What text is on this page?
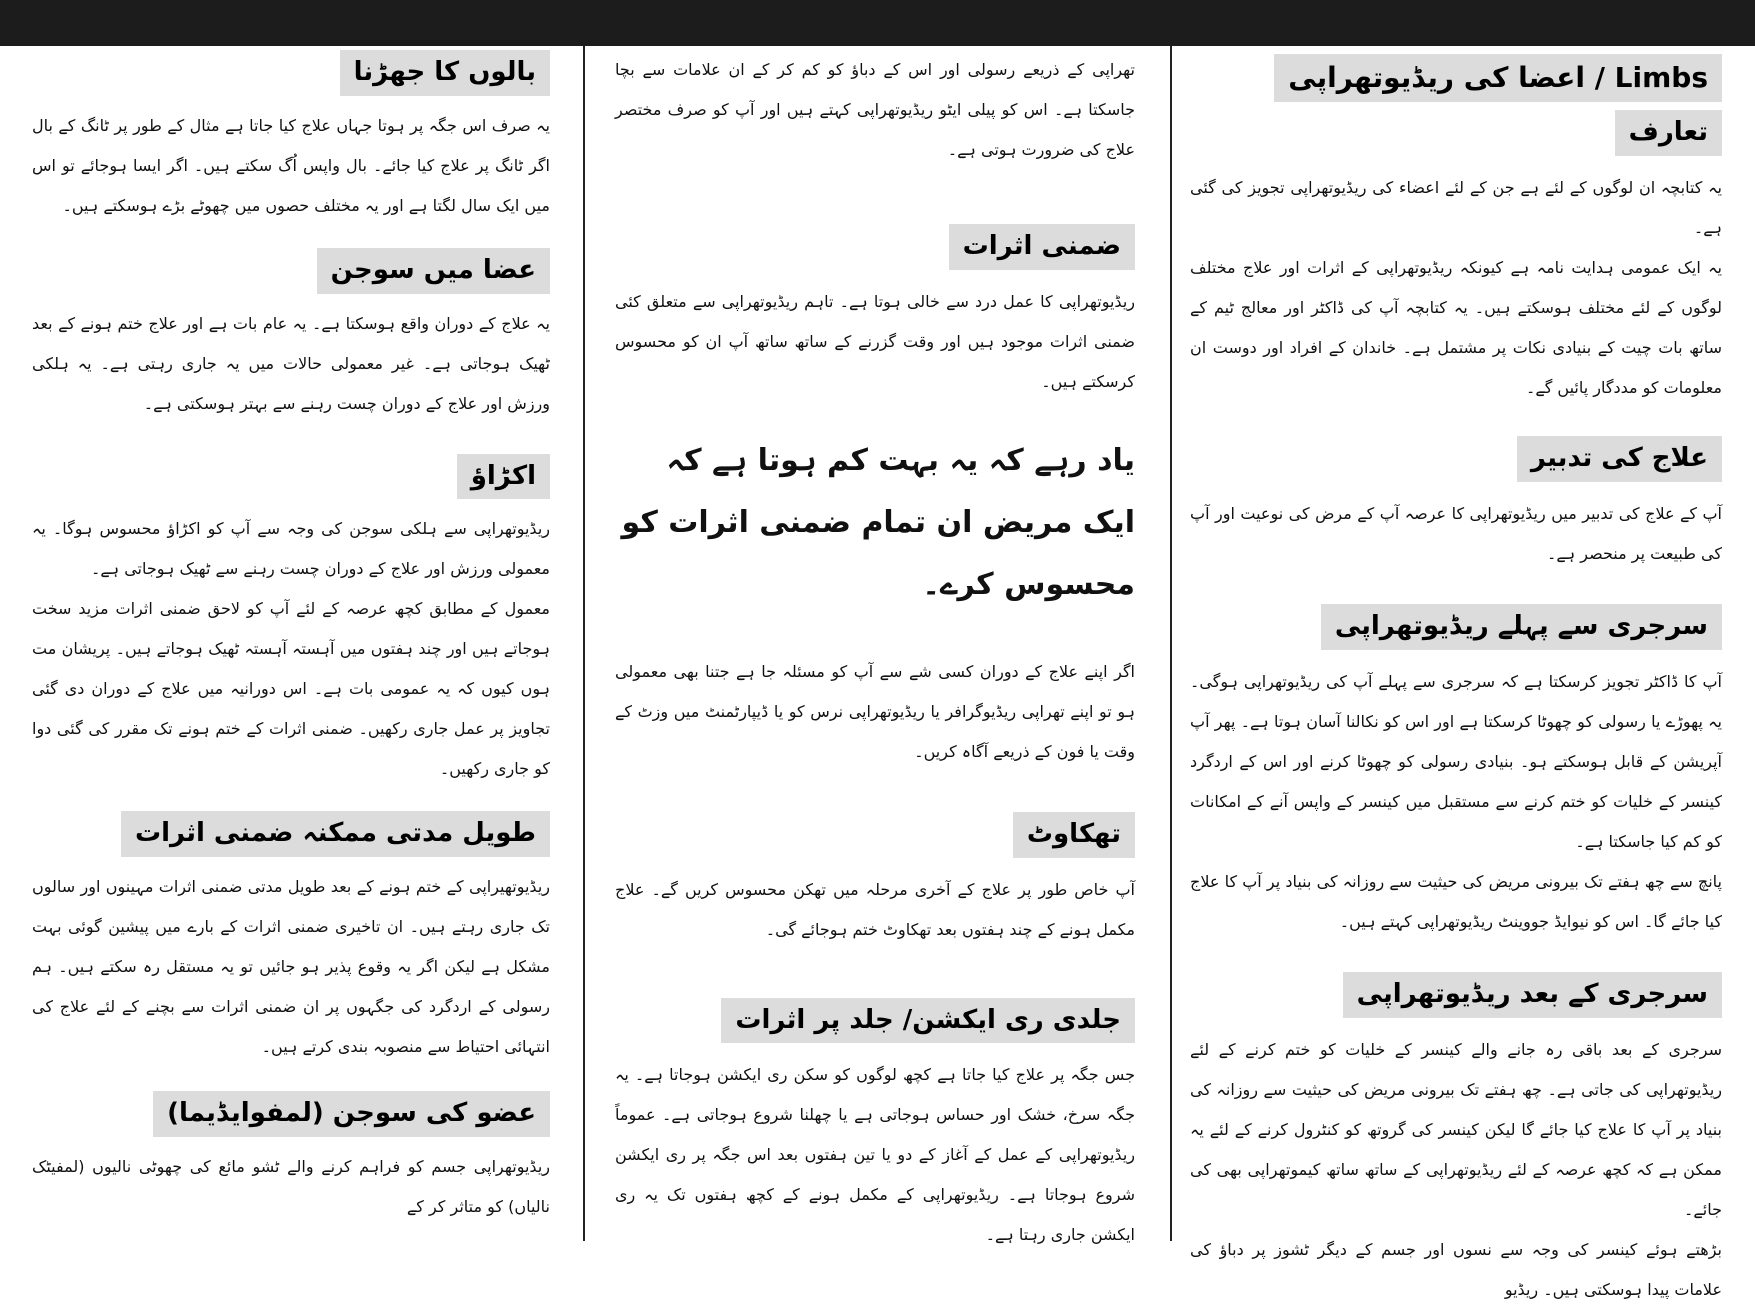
Limbs / اعضا کی ریڈیوتھراپی
تعارف

یہ کتابچہ ان لوگوں کے لئے ہے جن کے لئے اعضاء کی ریڈیوتھراپی تجویز کی گئی ہے۔

یہ ایک عمومی ہدایت نامہ ہے کیونکہ ریڈیوتھراپی کے اثرات اور علاج مختلف لوگوں کے لئے مختلف ہوسکتے ہیں۔ یہ کتابچہ آپ کی ڈاکٹر اور معالج ٹیم کے ساتھ بات چیت کے بنیادی نکات پر مشتمل ہے۔ خاندان کے افراد اور دوست ان معلومات کو مددگار پائیں گے۔

علاج کی تدبیر

آپ کے علاج کی تدبیر میں ریڈیوتھراپی کا عرصہ آپ کے مرض کی نوعیت اور آپ کی طبیعت پر منحصر ہے۔

سرجری سے پہلے ریڈیوتھراپی

آپ کا ڈاکٹر تجویز کرسکتا ہے کہ سرجری سے پہلے آپ کی ریڈیوتھراپی ہوگی۔ یہ پھوڑے یا رسولی کو چھوٹا کرسکتا ہے اور اس کو نکالنا آسان ہوتا ہے۔ پھر آپ آپریشن کے قابل ہوسکتے ہو۔ بنیادی رسولی کو چھوٹا کرنے اور اس کے اردگرد کینسر کے خلیات کو ختم کرنے سے مستقبل میں کینسر کے واپس آنے کے امکانات کو کم کیا جاسکتا ہے۔

پانچ سے چھ ہفتے تک بیرونی مریض کی حیثیت سے روزانہ کی بنیاد پر آپ کا علاج کیا جائے گا۔ اس کو نیوایڈ جووینٹ ریڈیوتھراپی کہتے ہیں۔

سرجری کے بعد ریڈیوتھراپی

سرجری کے بعد باقی رہ جانے والے کینسر کے خلیات کو ختم کرنے کے لئے ریڈیوتھراپی کی جاتی ہے۔ چھ ہفتے تک بیرونی مریض کی حیثیت سے روزانہ کی بنیاد پر آپ کا علاج کیا جائے گا لیکن کینسر کی گروتھ کو کنٹرول کرنے کے لئے یہ ممکن ہے کہ کچھ عرصہ کے لئے ریڈیوتھراپی کے ساتھ ساتھ کیموتھراپی بھی کی جائے۔

بڑھتے ہوئے کینسر کی وجہ سے نسوں اور جسم کے دیگر ٹشوز پر دباؤ کی علامات پیدا ہوسکتی ہیں۔ ریڈیو

تھراپی کے ذریعے رسولی اور اس کے دباؤ کو کم کر کے ان علامات سے بچا جاسکتا ہے۔ اس کو پیلی ایٹو ریڈیوتھراپی کہتے ہیں اور آپ کو صرف مختصر علاج کی ضرورت ہوتی ہے۔

ضمنی اثرات

ریڈیوتھراپی کا عمل درد سے خالی ہوتا ہے۔ تاہم ریڈیوتھراپی سے متعلق کئی ضمنی اثرات موجود ہیں اور وقت گزرنے کے ساتھ ساتھ آپ ان کو محسوس کرسکتے ہیں۔

یاد رہے کہ یہ بہت کم ہوتا ہے کہ ایک مریض ان تمام ضمنی اثرات کو محسوس کرے۔

اگر اپنے علاج کے دوران کسی شے سے آپ کو مسئلہ جا ہے جتنا بھی معمولی ہو تو اپنے تھراپی ریڈیوگرافر یا ریڈیوتھراپی نرس کو یا ڈیپارٹمنٹ میں وزٹ کے وقت یا فون کے ذریعے آگاہ کریں۔

تھکاوٹ

آپ خاص طور پر علاج کے آخری مرحلہ میں تھکن محسوس کریں گے۔ علاج مکمل ہونے کے چند ہفتوں بعد تھکاوٹ ختم ہوجائے گی۔

جلدی ری ایکشن/ جلد پر اثرات

جس جگہ پر علاج کیا جاتا ہے کچھ لوگوں کو سکن ری ایکشن ہوجاتا ہے۔ یہ جگہ سرخ، خشک اور حساس ہوجاتی ہے یا چھلنا شروع ہوجاتی ہے۔ عموماً ریڈیوتھراپی کے عمل کے آغاز کے دو یا تین ہفتوں بعد اس جگہ پر ری ایکشن شروع ہوجاتا ہے۔ ریڈیوتھراپی کے مکمل ہونے کے کچھ ہفتوں تک یہ ری ایکشن جاری رہتا ہے۔

بالوں کا جھڑنا

یہ صرف اس جگہ پر ہوتا جہاں علاج کیا جاتا ہے مثال کے طور پر ٹانگ کے بال اگر ٹانگ پر علاج کیا جائے۔ بال واپس اُگ سکتے ہیں۔ اگر ایسا ہوجائے تو اس میں ایک سال لگتا ہے اور یہ مختلف حصوں میں چھوٹے بڑے ہوسکتے ہیں۔

عضا میں سوجن

یہ علاج کے دوران واقع ہوسکتا ہے۔ یہ عام بات ہے اور علاج ختم ہونے کے بعد ٹھیک ہوجاتی ہے۔ غیر معمولی حالات میں یہ جاری رہتی ہے۔ یہ ہلکی ورزش اور علاج کے دوران چست رہنے سے بہتر ہوسکتی ہے۔

اکڑاؤ

ریڈیوتھراپی سے ہلکی سوجن کی وجہ سے آپ کو اکڑاؤ محسوس ہوگا۔ یہ معمولی ورزش اور علاج کے دوران چست رہنے سے ٹھیک ہوجاتی ہے۔

معمول کے مطابق کچھ عرصہ کے لئے آپ کو لاحق ضمنی اثرات مزید سخت ہوجاتے ہیں اور چند ہفتوں میں آہستہ آہستہ ٹھیک ہوجاتے ہیں۔ پریشان مت ہوں کیوں کہ یہ عمومی بات ہے۔ اس دورانیہ میں علاج کے دوران دی گئی تجاویز پر عمل جاری رکھیں۔ ضمنی اثرات کے ختم ہونے تک مقرر کی گئی دوا کو جاری رکھیں۔

طویل مدتی ممکنہ ضمنی اثرات

ریڈیوتھیراپی کے ختم ہونے کے بعد طویل مدتی ضمنی اثرات مہینوں اور سالوں تک جاری رہتے ہیں۔ ان تاخیری ضمنی اثرات کے بارے میں پیشین گوئی بہت مشکل ہے لیکن اگر یہ وقوع پذیر ہو جائیں تو یہ مستقل رہ سکتے ہیں۔ ہم رسولی کے اردگرد کی جگہوں پر ان ضمنی اثرات سے بچنے کے لئے علاج کی انتہائی احتیاط سے منصوبہ بندی کرتے ہیں۔

عضو کی سوجن (لمفوایڈیما)

ریڈیوتھراپی جسم کو فراہم کرنے والے ٹشو مائع کی چھوٹی نالیوں (لمفیٹک نالیاں) کو متاثر کر کے
